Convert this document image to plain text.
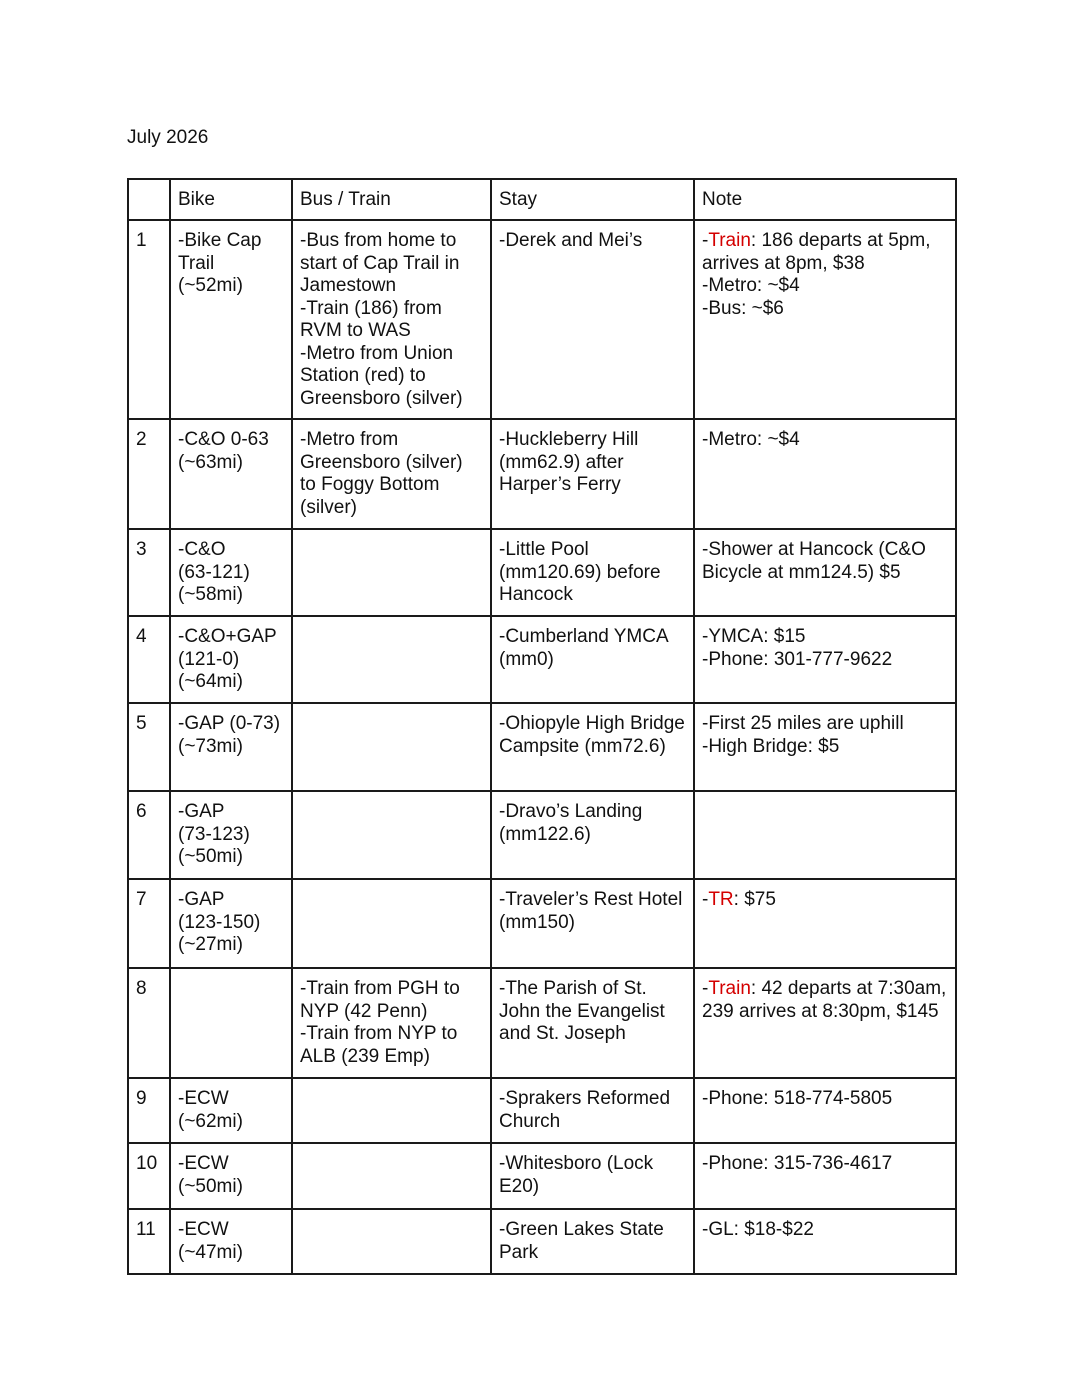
July 2026
	Bike	Bus / Train	Stay	Note
1	-Bike Cap
Trail
(~52mi)	-Bus from home to start of Cap Trail in Jamestown
-Train (186) from RVM to WAS
-Metro from Union Station (red) to Greensboro (silver)	-Derek and Mei’s	-Train: 186 departs at 5pm, arrives at 8pm, $38
-Metro: ~$4
-Bus: ~$6
2	-C&O 0-63
(~63mi)	-Metro from Greensboro (silver) to Foggy Bottom (silver)	-Huckleberry Hill (mm62.9) after Harper’s Ferry	-Metro: ~$4
3	-C&O
(63-121)
(~58mi)		-Little Pool (mm120.69) before Hancock	-Shower at Hancock (C&O Bicycle at mm124.5) $5
4	-C&O+GAP
(121-0)
(~64mi)		-Cumberland YMCA (mm0)	-YMCA: $15
-Phone: 301-777-9622
5	-GAP (0-73)
(~73mi)		-Ohiopyle High Bridge Campsite (mm72.6)	-First 25 miles are uphill
-High Bridge: $5
6	-GAP
(73-123)
(~50mi)		-Dravo’s Landing (mm122.6)	
7	-GAP
(123-150)
(~27mi)		-Traveler’s Rest Hotel (mm150)	-TR: $75
8		-Train from PGH to NYP (42 Penn)
-Train from NYP to ALB (239 Emp)	-The Parish of St. John the Evangelist and St. Joseph	-Train: 42 departs at 7:30am, 239 arrives at 8:30pm, $145
9	-ECW
(~62mi)		-Sprakers Reformed Church	-Phone: 518-774-5805
10	-ECW
(~50mi)		-Whitesboro (Lock E20)	-Phone: 315-736-4617
11	-ECW
(~47mi)		-Green Lakes State Park	-GL: $18-$22
